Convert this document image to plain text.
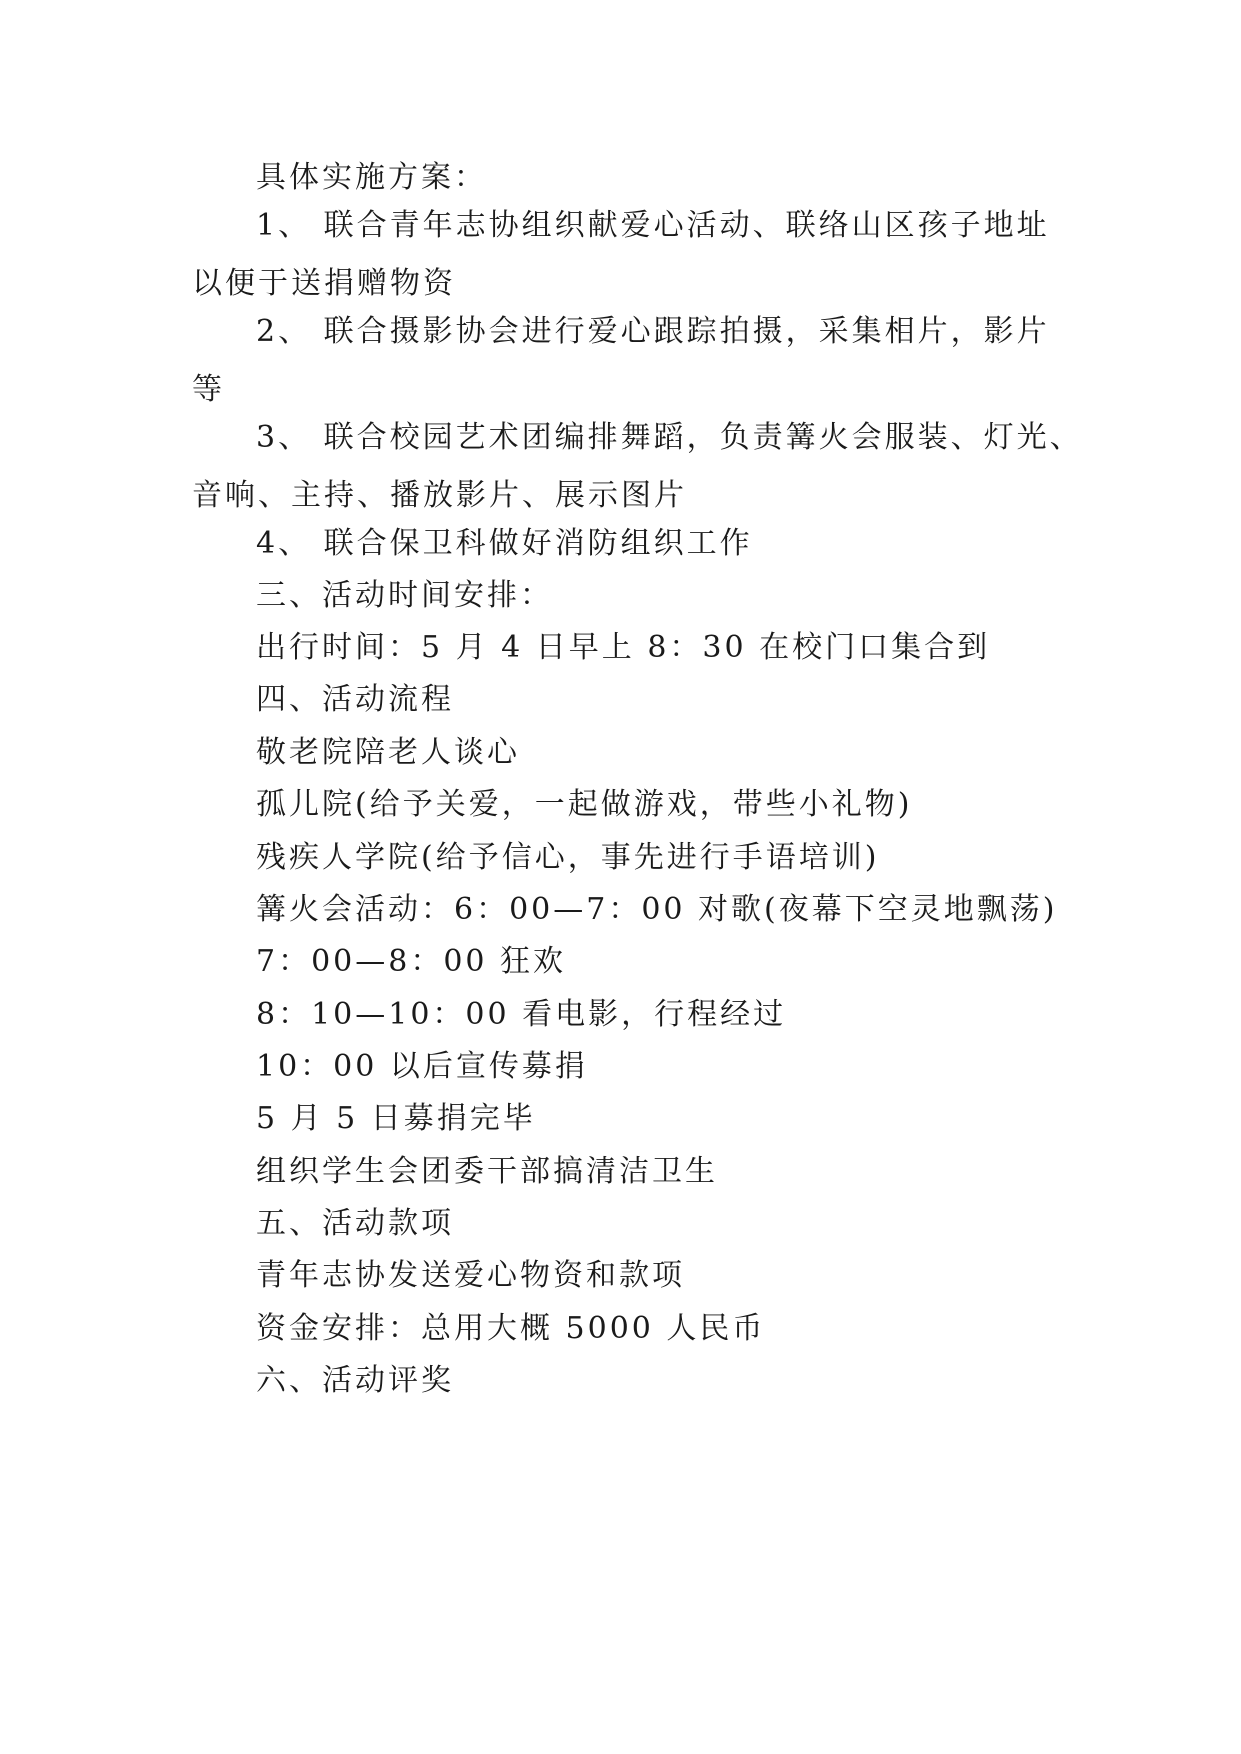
具体实施方案：
1、 联合青年志协组织献爱心活动、联络山区孩子地址
以便于送捐赠物资
2、 联合摄影协会进行爱心跟踪拍摄，采集相片，影片
等
3、 联合校园艺术团编排舞蹈，负责篝火会服装、灯光、
音响、主持、播放影片、展示图片
4、 联合保卫科做好消防组织工作
三、活动时间安排：
出行时间：5 月 4 日早上 8：30 在校门口集合到
四、活动流程
敬老院陪老人谈心
孤儿院(给予关爱，一起做游戏，带些小礼物)
残疾人学院(给予信心，事先进行手语培训)
篝火会活动：6：00—7：00 对歌(夜幕下空灵地飘荡)
7：00—8：00 狂欢
8：10—10：00 看电影，行程经过
10：00 以后宣传募捐
5 月 5 日募捐完毕
组织学生会团委干部搞清洁卫生
五、活动款项
青年志协发送爱心物资和款项
资金安排：总用大概 5000 人民币
六、活动评奖
